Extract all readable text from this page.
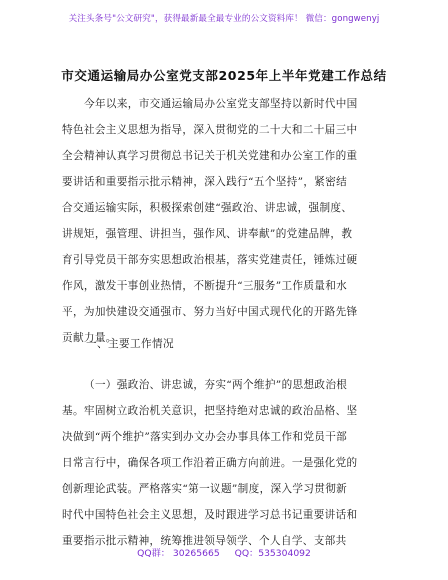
关注头条号"公文研究"，获得最新最全最专业的公文资料库！ 微信：gongwenyj
市交通运输局办公室党支部2025年上半年党建工作总结
今年以来，市交通运输局办公室党支部坚持以新时代中国
特色社会主义思想为指导，深入贯彻党的二十大和二十届三中
全会精神认真学习贯彻总书记关于机关党建和办公室工作的重
要讲话和重要指示批示精神，深入践行“五个坚持”，紧密结
合交通运输实际，积极探索创建“强政治、讲忠诚，强制度、
讲规矩，强管理、讲担当，强作风、讲奉献”的党建品牌，教
育引导党员干部夯实思想政治根基，落实党建责任，锤炼过硬
作风，激发干事创业热情，不断提升“三服务”工作质量和水
平，为加快建设交通强市、努力当好中国式现代化的开路先锋
贡献力量。
一、主要工作情况
（一）强政治、讲忠诚，夯实“两个维护”的思想政治根
基。牢固树立政治机关意识，把坚持绝对忠诚的政治品格、坚
决做到“两个维护”落实到办文办会办事具体工作和党员干部
日常言行中，确保各项工作沿着正确方向前进。一是强化党的
创新理论武装。严格落实“第一议题”制度，深入学习贯彻新
时代中国特色社会主义思想，及时跟进学习总书记重要讲话和
重要指示批示精神，统筹推进领导领学、个人自学、支部共
QQ群： 30265665 QQ：535304092
